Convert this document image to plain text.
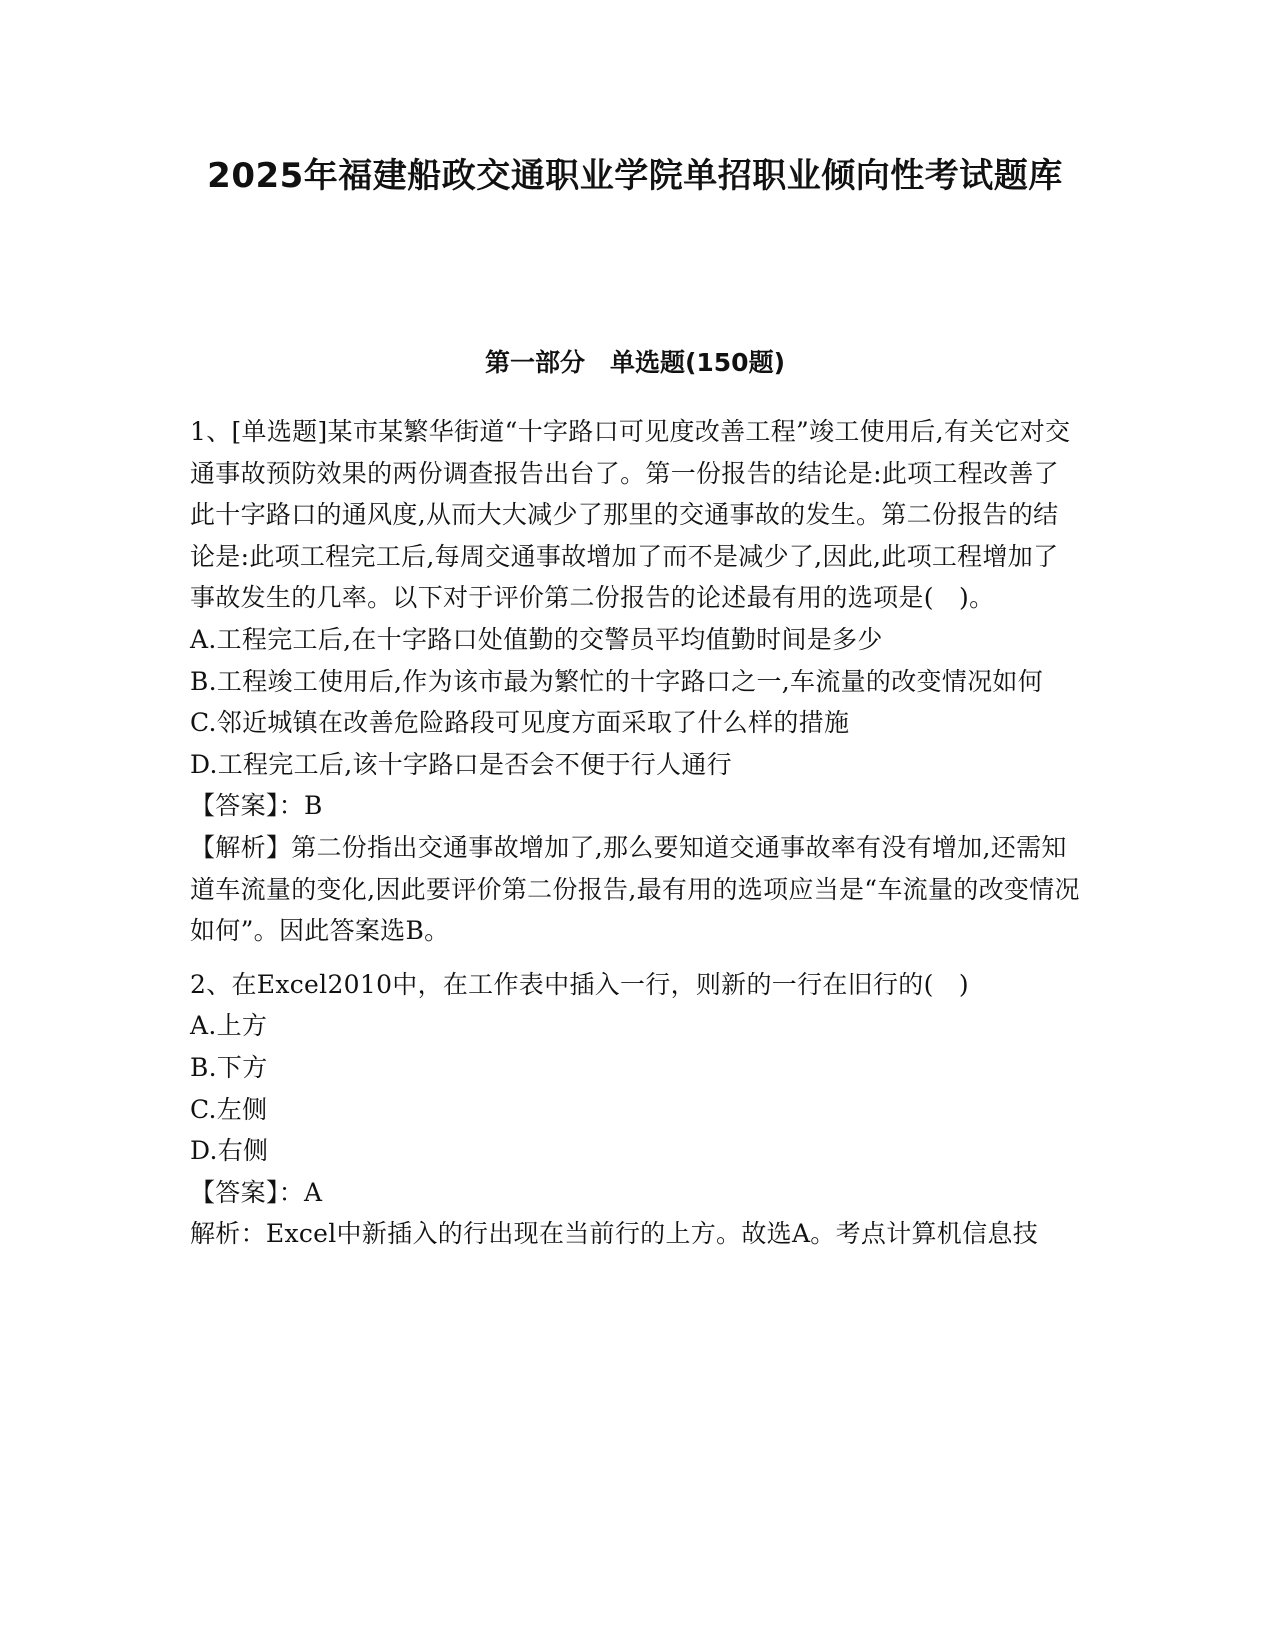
2025年福建船政交通职业学院单招职业倾向性考试题库
第一部分　单选题(150题)

1、[单选题]某市某繁华街道“十字路口可见度改善工程”竣工使用后,有关它对交通事故预防效果的两份调查报告出台了。第一份报告的结论是:此项工程改善了此十字路口的通风度,从而大大减少了那里的交通事故的发生。第二份报告的结论是:此项工程完工后,每周交通事故增加了而不是减少了,因此,此项工程增加了事故发生的几率。以下对于评价第二份报告的论述最有用的选项是(　)。

A.工程完工后,在十字路口处值勤的交警员平均值勤时间是多少

B.工程竣工使用后,作为该市最为繁忙的十字路口之一,车流量的改变情况如何

C.邻近城镇在改善危险路段可见度方面采取了什么样的措施

D.工程完工后,该十字路口是否会不便于行人通行

【答案】：B

【解析】第二份指出交通事故增加了,那么要知道交通事故率有没有增加,还需知道车流量的变化,因此要评价第二份报告,最有用的选项应当是“车流量的改变情况如何”。因此答案选B。

2、在Excel2010中，在工作表中插入一行，则新的一行在旧行的(　)

A.上方

B.下方

C.左侧

D.右侧

【答案】：A

解析：Excel中新插入的行出现在当前行的上方。故选A。考点计算机信息技
